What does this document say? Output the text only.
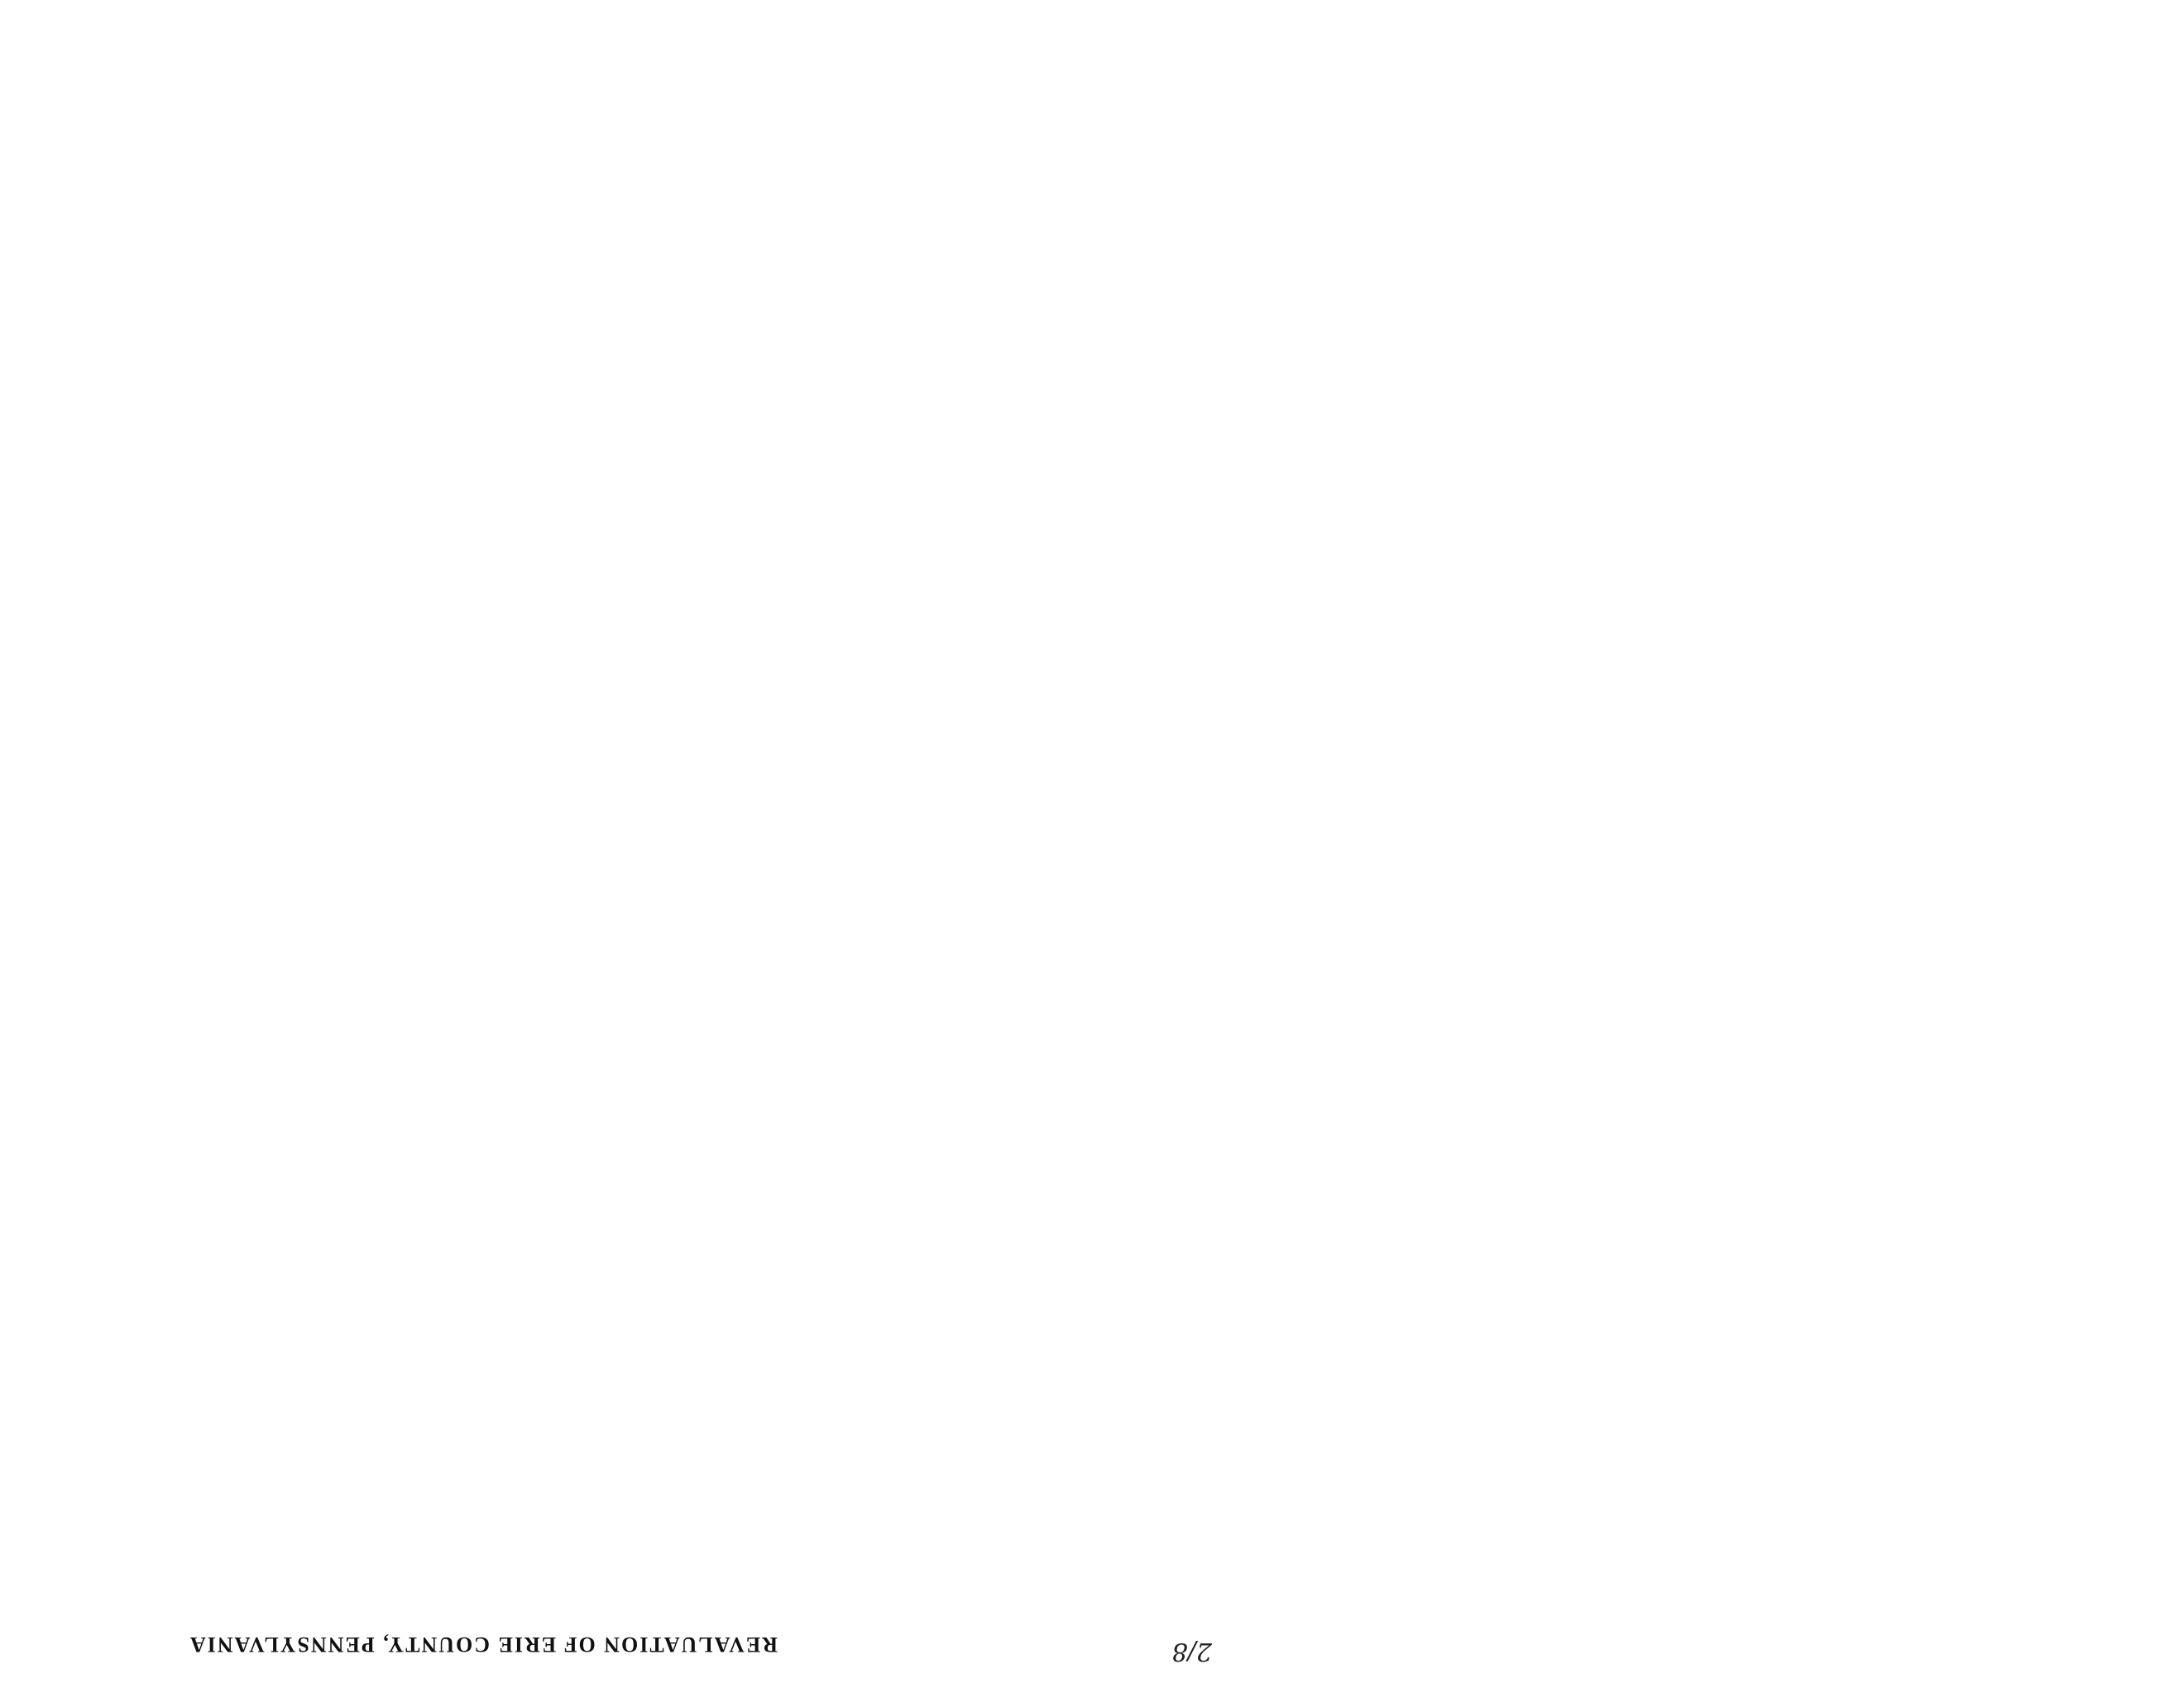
REVALUATION OF ERIE COUNTY, PENNSYLVANIA	2/8
